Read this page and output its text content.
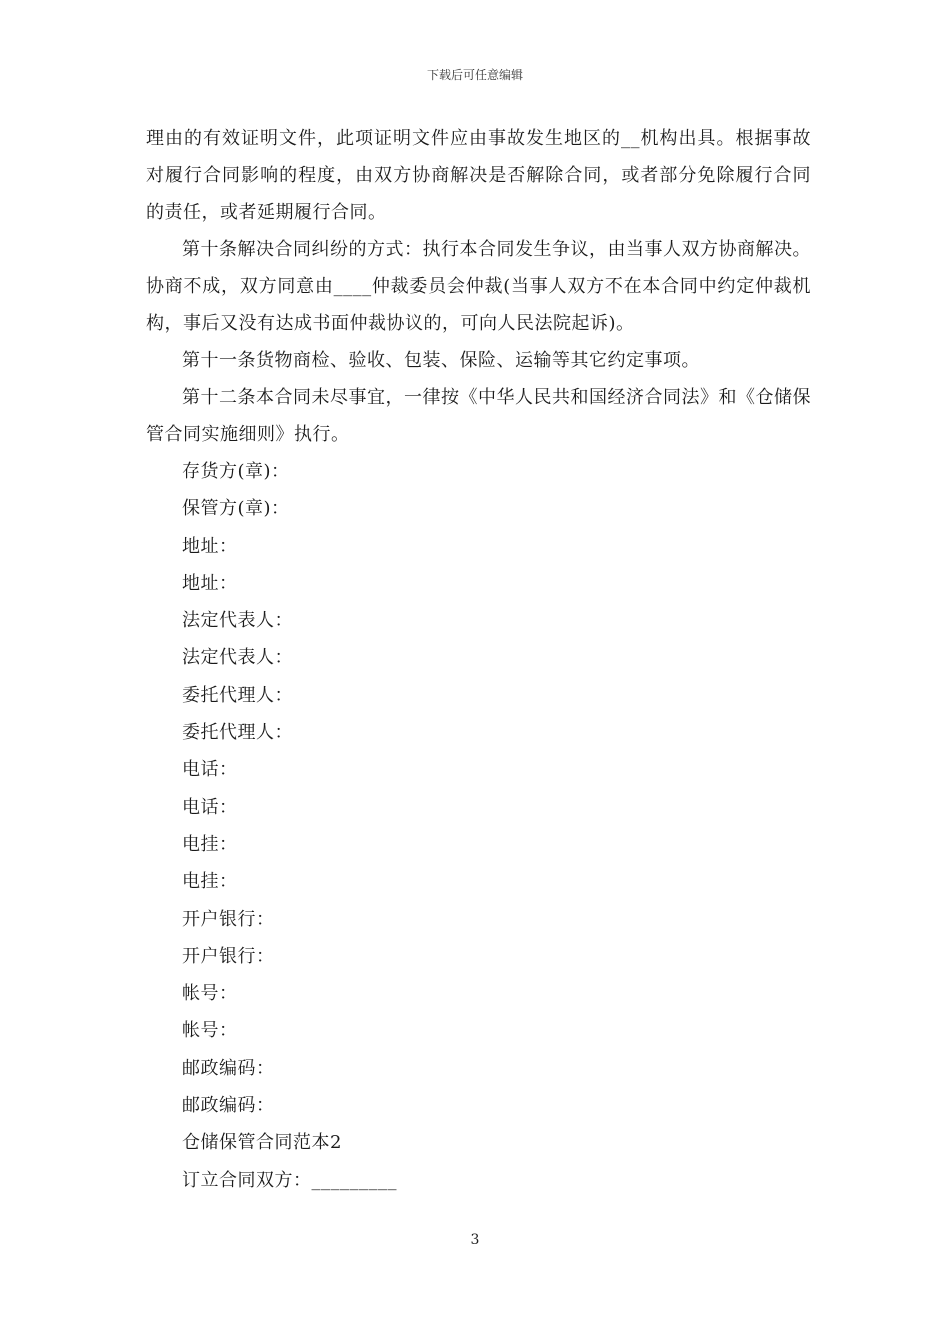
下载后可任意编辑

理由的有效证明文件，此项证明文件应由事故发生地区的__机构出具。根据事故对履行合同影响的程度，由双方协商解决是否解除合同，或者部分免除履行合同的责任，或者延期履行合同。

第十条解决合同纠纷的方式：执行本合同发生争议，由当事人双方协商解决。协商不成，双方同意由____仲裁委员会仲裁(当事人双方不在本合同中约定仲裁机构，事后又没有达成书面仲裁协议的，可向人民法院起诉)。

第十一条货物商检、验收、包装、保险、运输等其它约定事项。

第十二条本合同未尽事宜，一律按《中华人民共和国经济合同法》和《仓储保管合同实施细则》执行。

存货方(章)：

保管方(章)：

地址：

地址：

法定代表人：

法定代表人：

委托代理人：

委托代理人：

电话：

电话：

电挂：

电挂：

开户银行：

开户银行：

帐号：

帐号：

邮政编码：

邮政编码：

仓储保管合同范本2

订立合同双方：_________

3
